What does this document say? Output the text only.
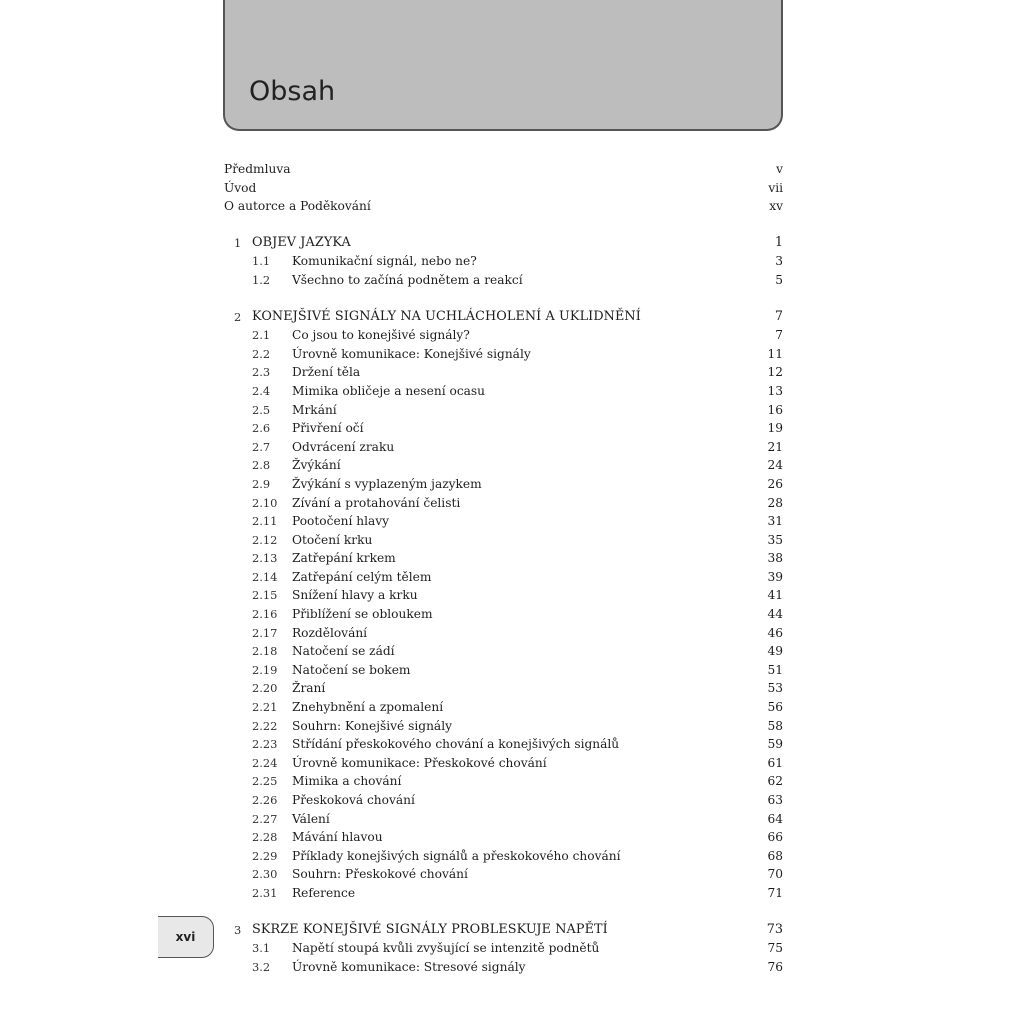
Obsah
Předmluva	v
Úvod	vii
O autorce a Poděkování	xv
1 OBJEV JAZYKA	1
1.1 Komunikační signál, nebo ne?	3
1.2 Všechno to začíná podnětem a reakcí	5
2 KONEJŠIVÉ SIGNÁLY NA UCHLÁCHOLENÍ A UKLIDNĚNÍ	7
2.1 Co jsou to konejšivé signály?	7
2.2 Úrovně komunikace: Konejšivé signály	11
2.3 Držení těla	12
2.4 Mimika obličeje a nesení ocasu	13
2.5 Mrkání	16
2.6 Přivření očí	19
2.7 Odvrácení zraku	21
2.8 Žvýkání	24
2.9 Žvýkání s vyplazeným jazykem	26
2.10 Zívání a protahování čelisti	28
2.11 Pootočení hlavy	31
2.12 Otočení krku	35
2.13 Zatřepání krkem	38
2.14 Zatřepání celým tělem	39
2.15 Snížení hlavy a krku	41
2.16 Přiblížení se obloukem	44
2.17 Rozdělování	46
2.18 Natočení se zádí	49
2.19 Natočení se bokem	51
2.20 Žraní	53
2.21 Znehybnění a zpomalení	56
2.22 Souhrn: Konejšivé signály	58
2.23 Střídání přeskokového chování a konejšivých signálů	59
2.24 Úrovně komunikace: Přeskokové chování	61
2.25 Mimika a chování	62
2.26 Přeskoková chování	63
2.27 Válení	64
2.28 Mávání hlavou	66
2.29 Příklady konejšivých signálů a přeskokového chování	68
2.30 Souhrn: Přeskokové chování	70
2.31 Reference	71
3 SKRZE KONEJŠIVÉ SIGNÁLY PROBLESKUJE NAPĚTÍ	73
3.1 Napětí stoupá kvůli zvyšující se intenzitě podnětů	75
3.2 Úrovně komunikace: Stresové signály	76
xvi
